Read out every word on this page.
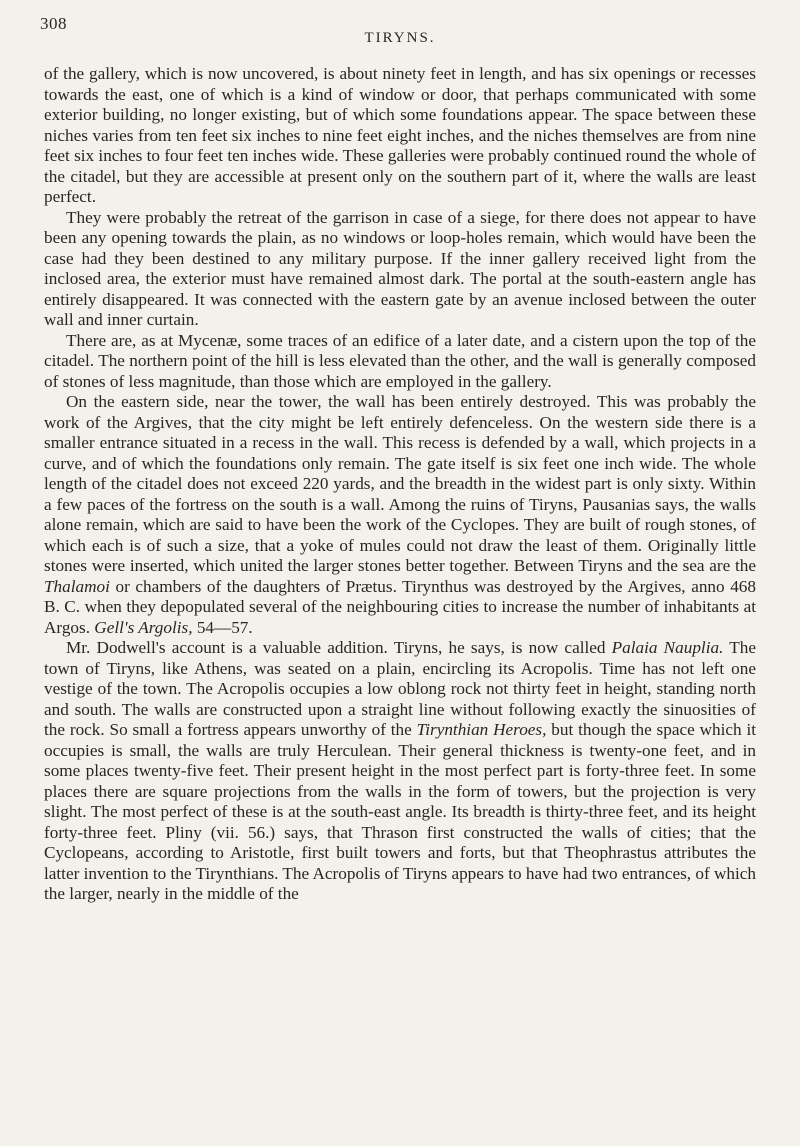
308
TIRYNS.

of the gallery, which is now uncovered, is about ninety feet in length, and has six openings or recesses towards the east, one of which is a kind of window or door, that perhaps communicated with some exterior building, no longer existing, but of which some foundations appear. The space between these niches varies from ten feet six inches to nine feet eight inches, and the niches themselves are from nine feet six inches to four feet ten inches wide. These galleries were probably continued round the whole of the citadel, but they are accessible at present only on the southern part of it, where the walls are least perfect.

They were probably the retreat of the garrison in case of a siege, for there does not appear to have been any opening towards the plain, as no windows or loop-holes remain, which would have been the case had they been destined to any military purpose. If the inner gallery received light from the inclosed area, the exterior must have remained almost dark. The portal at the south-eastern angle has entirely disappeared. It was connected with the eastern gate by an avenue inclosed between the outer wall and inner curtain.

There are, as at Mycenæ, some traces of an edifice of a later date, and a cistern upon the top of the citadel. The northern point of the hill is less elevated than the other, and the wall is generally composed of stones of less magnitude, than those which are employed in the gallery.

On the eastern side, near the tower, the wall has been entirely destroyed. This was probably the work of the Argives, that the city might be left entirely defenceless. On the western side there is a smaller entrance situated in a recess in the wall. This recess is defended by a wall, which projects in a curve, and of which the foundations only remain. The gate itself is six feet one inch wide. The whole length of the citadel does not exceed 220 yards, and the breadth in the widest part is only sixty. Within a few paces of the fortress on the south is a wall. Among the ruins of Tiryns, Pausanias says, the walls alone remain, which are said to have been the work of the Cyclopes. They are built of rough stones, of which each is of such a size, that a yoke of mules could not draw the least of them. Originally little stones were inserted, which united the larger stones better together. Between Tiryns and the sea are the Thalamoi or chambers of the daughters of Prætus. Tirynthus was destroyed by the Argives, anno 468 B. C. when they depopulated several of the neighbouring cities to increase the number of inhabitants at Argos. Gell's Argolis, 54—57.

Mr. Dodwell's account is a valuable addition. Tiryns, he says, is now called Palaia Nauplia. The town of Tiryns, like Athens, was seated on a plain, encircling its Acropolis. Time has not left one vestige of the town. The Acropolis occupies a low oblong rock not thirty feet in height, standing north and south. The walls are constructed upon a straight line without following exactly the sinuosities of the rock. So small a fortress appears unworthy of the Tirynthian Heroes, but though the space which it occupies is small, the walls are truly Herculean. Their general thickness is twenty-one feet, and in some places twenty-five feet. Their present height in the most perfect part is forty-three feet. In some places there are square projections from the walls in the form of towers, but the projection is very slight. The most perfect of these is at the south-east angle. Its breadth is thirty-three feet, and its height forty-three feet. Pliny (vii. 56.) says, that Thrason first constructed the walls of cities; that the Cyclopeans, according to Aristotle, first built towers and forts, but that Theophrastus attributes the latter invention to the Tirynthians. The Acropolis of Tiryns appears to have had two entrances, of which the larger, nearly in the middle of the
